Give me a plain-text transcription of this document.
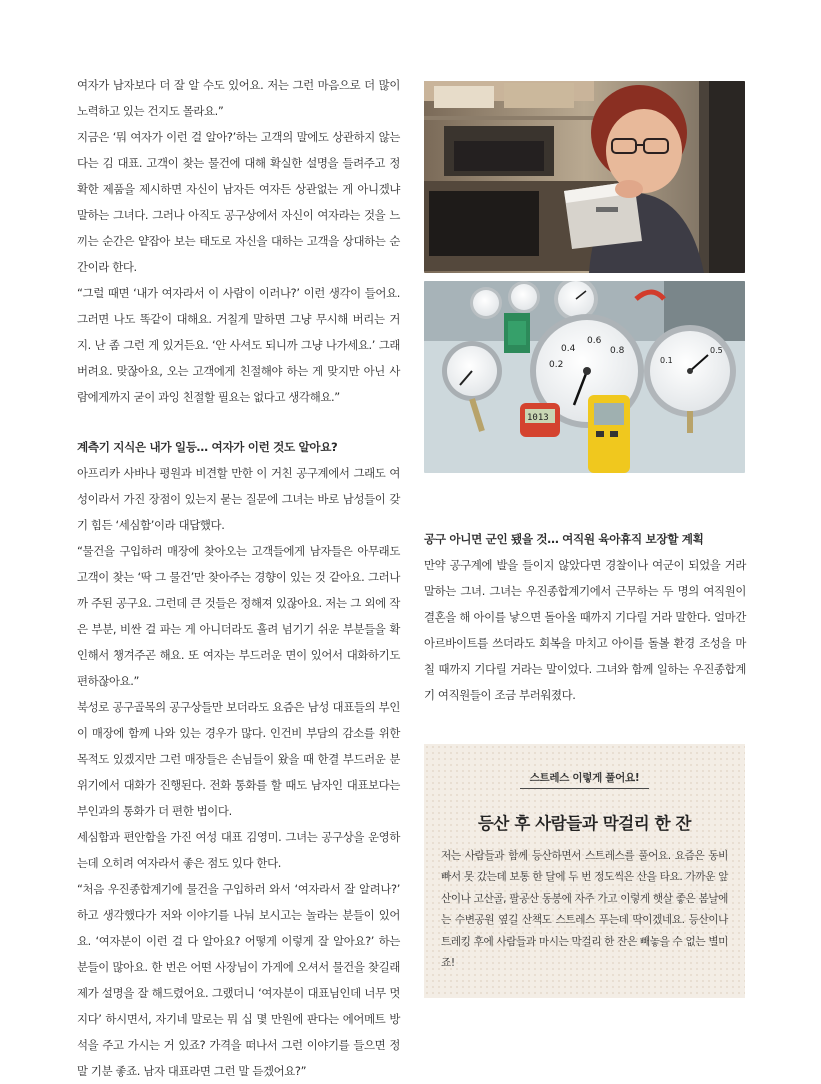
여자가 남자보다 더 잘 알 수도 있어요. 저는 그런 마음으로 더 많이 노력하고 있는 건지도 몰라요.”

지금은 ‘뭐 여자가 이런 걸 알아?’하는 고객의 말에도 상관하지 않는다는 김 대표. 고객이 찾는 물건에 대해 확실한 설명을 들려주고 정확한 제품을 제시하면 자신이 남자든 여자든 상관없는 게 아니겠냐 말하는 그녀다. 그러나 아직도 공구상에서 자신이 여자라는 것을 느끼는 순간은 얕잡아 보는 태도로 자신을 대하는 고객을 상대하는 순간이라 한다.

“그럴 때면 ‘내가 여자라서 이 사람이 이러나?’ 이런 생각이 들어요. 그러면 나도 똑같이 대해요. 거칠게 말하면 그냥 무시해 버리는 거지. 난 좀 그런 게 있거든요. ‘안 사셔도 되니까 그냥 나가세요.’ 그래 버려요. 맞잖아요, 오는 고객에게 친절해야 하는 게 맞지만 아닌 사람에게까지 굳이 과잉 친절할 필요는 없다고 생각해요.”

계측기 지식은 내가 일등… 여자가 이런 것도 알아요?

아프리카 사바나 평원과 비견할 만한 이 거친 공구계에서 그래도 여성이라서 가진 장점이 있는지 묻는 질문에 그녀는 바로 남성들이 갖기 힘든 ‘세심함’이라 대답했다.

“물건을 구입하러 매장에 찾아오는 고객들에게 남자들은 아무래도 고객이 찾는 ‘딱 그 물건’만 찾아주는 경향이 있는 것 같아요. 그러나까 주된 공구요. 그런데 큰 것들은 정해져 있잖아요. 저는 그 외에 작은 부분, 비싼 걸 파는 게 아니더라도 흘려 넘기기 쉬운 부분들을 확인해서 챙겨주곤 해요. 또 여자는 부드러운 면이 있어서 대화하기도 편하잖아요.”

북성로 공구골목의 공구상들만 보더라도 요즘은 남성 대표들의 부인이 매장에 함께 나와 있는 경우가 많다. 인건비 부담의 감소를 위한 목적도 있겠지만 그런 매장들은 손님들이 왔을 때 한결 부드러운 분위기에서 대화가 진행된다. 전화 통화를 할 때도 남자인 대표보다는 부인과의 통화가 더 편한 법이다.

세심함과 편안함을 가진 여성 대표 김영미. 그녀는 공구상을 운영하는데 오히려 여자라서 좋은 점도 있다 한다.

“처음 우진종합계기에 물건을 구입하러 와서 ‘여자라서 잘 알려나?’ 하고 생각했다가 저와 이야기를 나눠 보시고는 놀라는 분들이 있어요. ‘여자분이 이런 걸 다 알아요? 어떻게 이렇게 잘 알아요?’ 하는 분들이 많아요. 한 번은 어떤 사장님이 가게에 오셔서 물건을 찾길래 제가 설명을 잘 해드렸어요. 그랬더니 ‘여자분이 대표님인데 너무 멋지다’ 하시면서, 자기네 말로는 뭐 십 몇 만원에 판다는 에어메트 방석을 주고 가시는 거 있죠? 가격을 떠나서 그런 이야기를 들으면 정말 기분 좋죠. 남자 대표라면 그런 말 듣겠어요?”

0.2
0.4
0.6
0.8
0.1
0.5
1013
공구 아니면 군인 됐을 것… 여직원 육아휴직 보장할 계획

만약 공구계에 발을 들이지 않았다면 경찰이나 여군이 되었을 거라 말하는 그녀. 그녀는 우진종합계기에서 근무하는 두 명의 여직원이 결혼을 해 아이를 낳으면 돌아올 때까지 기다릴 거라 말한다. 얼마간 아르바이트를 쓰더라도 회복을 마치고 아이를 돌볼 환경 조성을 마칠 때까지 기다릴 거라는 말이었다. 그녀와 함께 일하는 우진종합계기 여직원들이 조금 부러워졌다.

스트레스 이렇게 풀어요!
등산 후 사람들과 막걸리 한 잔
저는 사람들과 함께 등산하면서 스트레스를 풀어요. 요즘은 동비빠서 못 갔는데 보통 한 달에 두 번 정도씩은 산을 타요. 가까운 앞산이나 고산골, 팔공산 동봉에 자주 가고 이렇게 햇살 좋은 봄날에는 수변공원 옆길 산책도 스트레스 푸는데 딱이겠네요. 등산이나 트레킹 후에 사람들과 마시는 막걸리 한 잔은 빼놓을 수 없는 별미죠!
